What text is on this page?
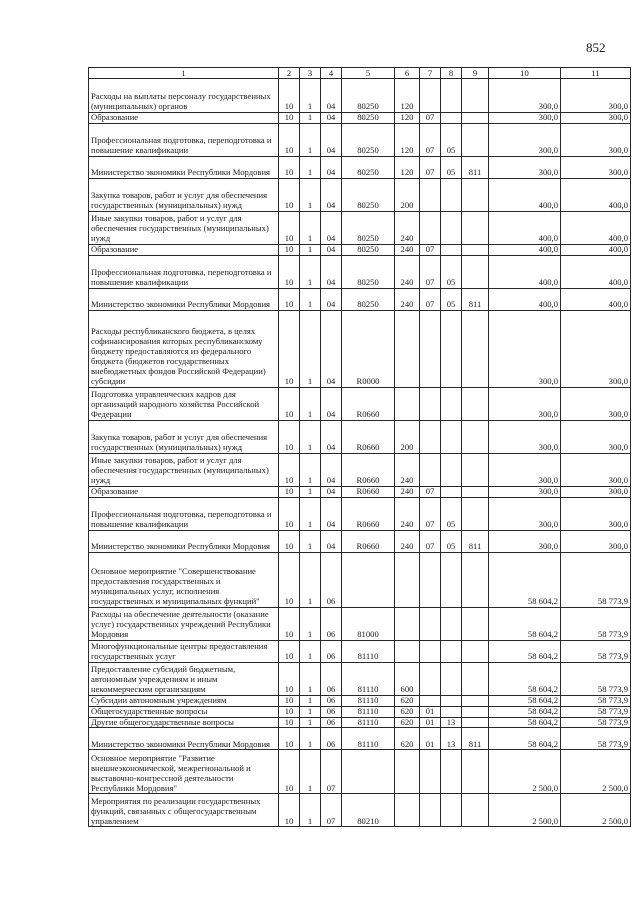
852
1	2	3	4	5	6	7	8	9	10	11
Расходы на выплаты персоналу государственных (муниципальных) органов	10	1	04	80250	120				300,0	300,0
Образование	10	1	04	80250	120	07			300,0	300,0
Профессиональная подготовка, переподготовка и повышение квалификации	10	1	04	80250	120	07	05		300,0	300,0
Министерство экономики Республики Мордовия	10	1	04	80250	120	07	05	811	300,0	300,0
Закупка товаров, работ и услуг для обеспечения государственных (муниципальных) нужд	10	1	04	80250	200				400,0	400,0
Иные закупки товаров, работ и услуг для обеспечения государственных (муниципальных) нужд	10	1	04	80250	240				400,0	400,0
Образование	10	1	04	80250	240	07			400,0	400,0
Профессиональная подготовка, переподготовка и повышение квалификации	10	1	04	80250	240	07	05		400,0	400,0
Министерство экономики Республики Мордовия	10	1	04	80250	240	07	05	811	400,0	400,0
Расходы республиканского бюджета, в целях софинансирования которых республиканскому бюджету предоставляются из федерального бюджета (бюджетов государственных внебюджетных фондов Российской Федерации) субсидии	10	1	04	R0000					300,0	300,0
Подготовка управленческих кадров для организаций народного хозяйства Российской Федерации	10	1	04	R0660					300,0	300,0
Закупка товаров, работ и услуг для обеспечения государственных (муниципальных) нужд	10	1	04	R0660	200				300,0	300,0
Иные закупки товаров, работ и услуг для обеспечения государственных (муниципальных) нужд	10	1	04	R0660	240				300,0	300,0
Образование	10	1	04	R0660	240	07			300,0	300,0
Профессиональная подготовка, переподготовка и повышение квалификации	10	1	04	R0660	240	07	05		300,0	300,0
Министерство экономики Республики Мордовия	10	1	04	R0660	240	07	05	811	300,0	300,0
Основное мероприятие "Совершенствование предоставления государственных и муниципальных услуг, исполнения государственных и муниципальных функций"	10	1	06						58 604,2	58 773,9
Расходы на обеспечение деятельности (оказание услуг) государственных учреждений Республики Мордовия	10	1	06	81000					58 604,2	58 773,9
Многофункциональные центры предоставления государственных услуг	10	1	06	81110					58 604,2	58 773,9
Предоставление субсидий бюджетным, автономным учреждениям и иным некоммерческим организациям	10	1	06	81110	600				58 604,2	58 773,9
Субсидии автономным учреждениям	10	1	06	81110	620				58 604,2	58 773,9
Общегосударственные вопросы	10	1	06	81110	620	01			58 604,2	58 773,9
Другие общегосударственные вопросы	10	1	06	81110	620	01	13		58 604,2	58 773,9
Министерство экономики Республики Мордовия	10	1	06	81110	620	01	13	811	58 604,2	58 773,9
Основное мероприятие "Развитие внешнеэкономической, межрегиональной и выставочно-конгрессной деятельности Республики Мордовия"	10	1	07						2 500,0	2 500,0
Мероприятия по реализации государственных функций, связанных с общегосударственным управлением	10	1	07	80210					2 500,0	2 500,0
